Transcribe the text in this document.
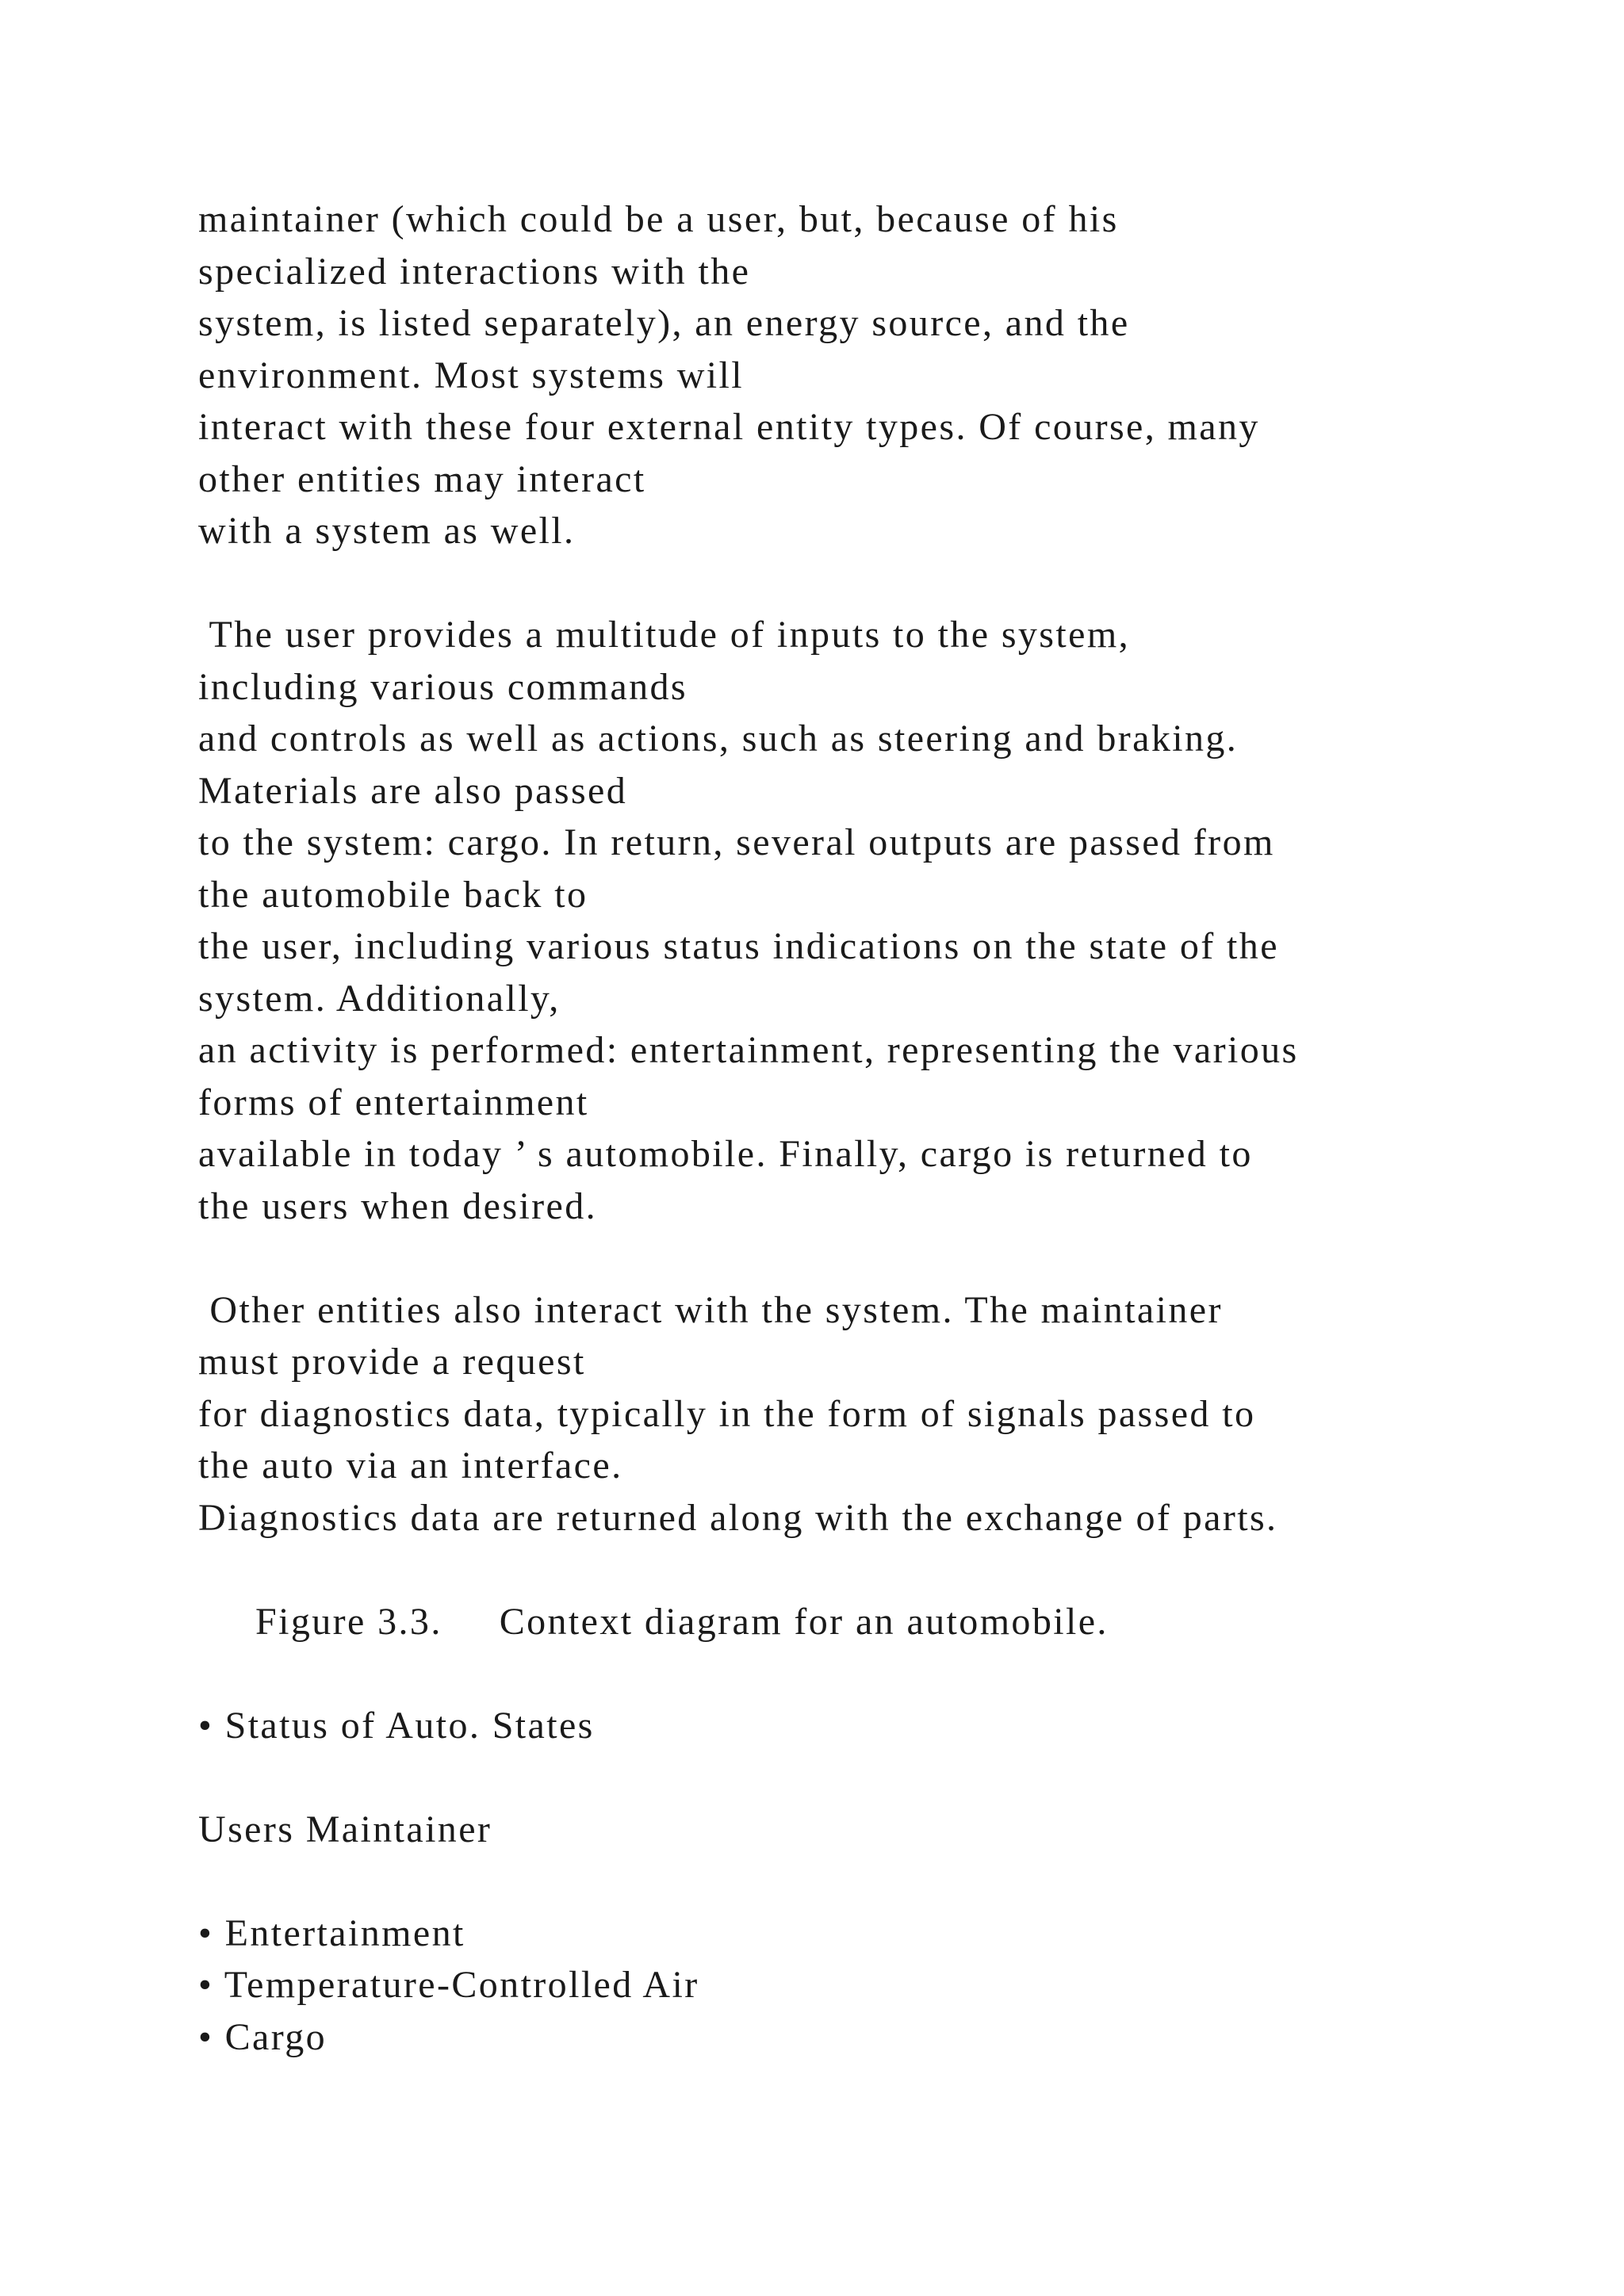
maintainer (which could be a user, but, because of his
specialized interactions with the
system, is listed separately), an energy source, and the
environment. Most systems will
interact with these four external entity types. Of course, many
other entities may interact
with a system as well.
The user provides a multitude of inputs to the system,
including various commands
and controls as well as actions, such as steering and braking.
Materials are also passed
to the system: cargo. In return, several outputs are passed from
the automobile back to
the user, including various status indications on the state of the
system. Additionally,
an activity is performed: entertainment, representing the various
forms of entertainment
available in today ’ s automobile. Finally, cargo is returned to
the users when desired.
Other entities also interact with the system. The maintainer
must provide a request
for diagnostics data, typically in the form of signals passed to
the auto via an interface.
Diagnostics data are returned along with the exchange of parts.
Figure 3.3.     Context diagram for an automobile.
• Status of Auto. States
Users Maintainer
• Entertainment
• Temperature-Controlled Air
• Cargo
